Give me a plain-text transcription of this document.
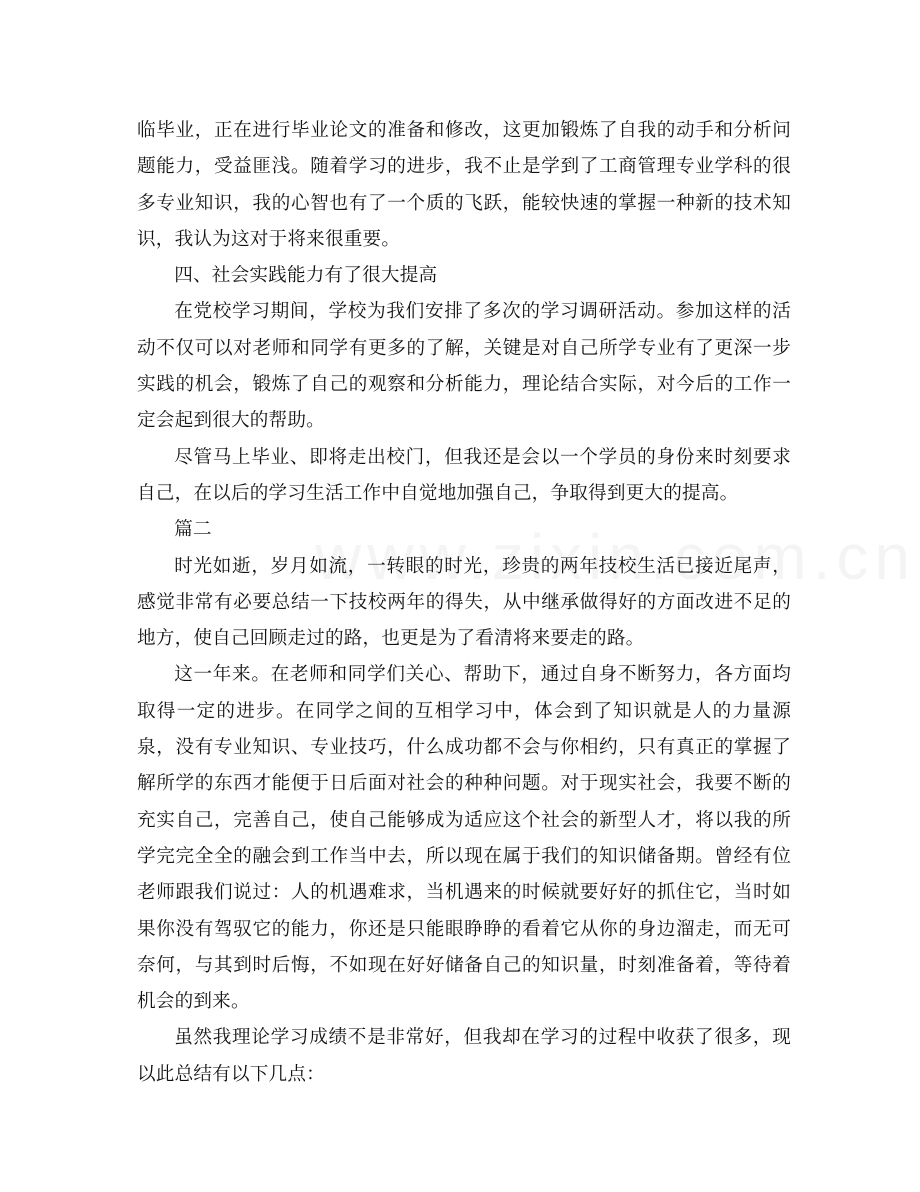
临毕业，正在进行毕业论文的准备和修改，这更加锻炼了自我的动手和分析问题能力，受益匪浅。随着学习的进步，我不止是学到了工商管理专业学科的很多专业知识，我的心智也有了一个质的飞跃，能较快速的掌握一种新的技术知识，我认为这对于将来很重要。

四、社会实践能力有了很大提高

在党校学习期间，学校为我们安排了多次的学习调研活动。参加这样的活动不仅可以对老师和同学有更多的了解，关键是对自己所学专业有了更深一步实践的机会，锻炼了自己的观察和分析能力，理论结合实际，对今后的工作一定会起到很大的帮助。

尽管马上毕业、即将走出校门，但我还是会以一个学员的身份来时刻要求自己，在以后的学习生活工作中自觉地加强自己，争取得到更大的提高。

篇二

时光如逝，岁月如流，一转眼的时光，珍贵的两年技校生活已接近尾声，感觉非常有必要总结一下技校两年的得失，从中继承做得好的方面改进不足的地方，使自己回顾走过的路，也更是为了看清将来要走的路。

这一年来。在老师和同学们关心、帮助下，通过自身不断努力，各方面均取得一定的进步。在同学之间的互相学习中，体会到了知识就是人的力量源泉，没有专业知识、专业技巧，什么成功都不会与你相约，只有真正的掌握了解所学的东西才能便于日后面对社会的种种问题。对于现实社会，我要不断的充实自己，完善自己，使自己能够成为适应这个社会的新型人才，将以我的所学完完全全的融会到工作当中去，所以现在属于我们的知识储备期。曾经有位老师跟我们说过：人的机遇难求，当机遇来的时候就要好好的抓住它，当时如果你没有驾驭它的能力，你还是只能眼睁睁的看着它从你的身边溜走，而无可奈何，与其到时后悔，不如现在好好储备自己的知识量，时刻准备着，等待着机会的到来。

虽然我理论学习成绩不是非常好，但我却在学习的过程中收获了很多，现以此总结有以下几点：
